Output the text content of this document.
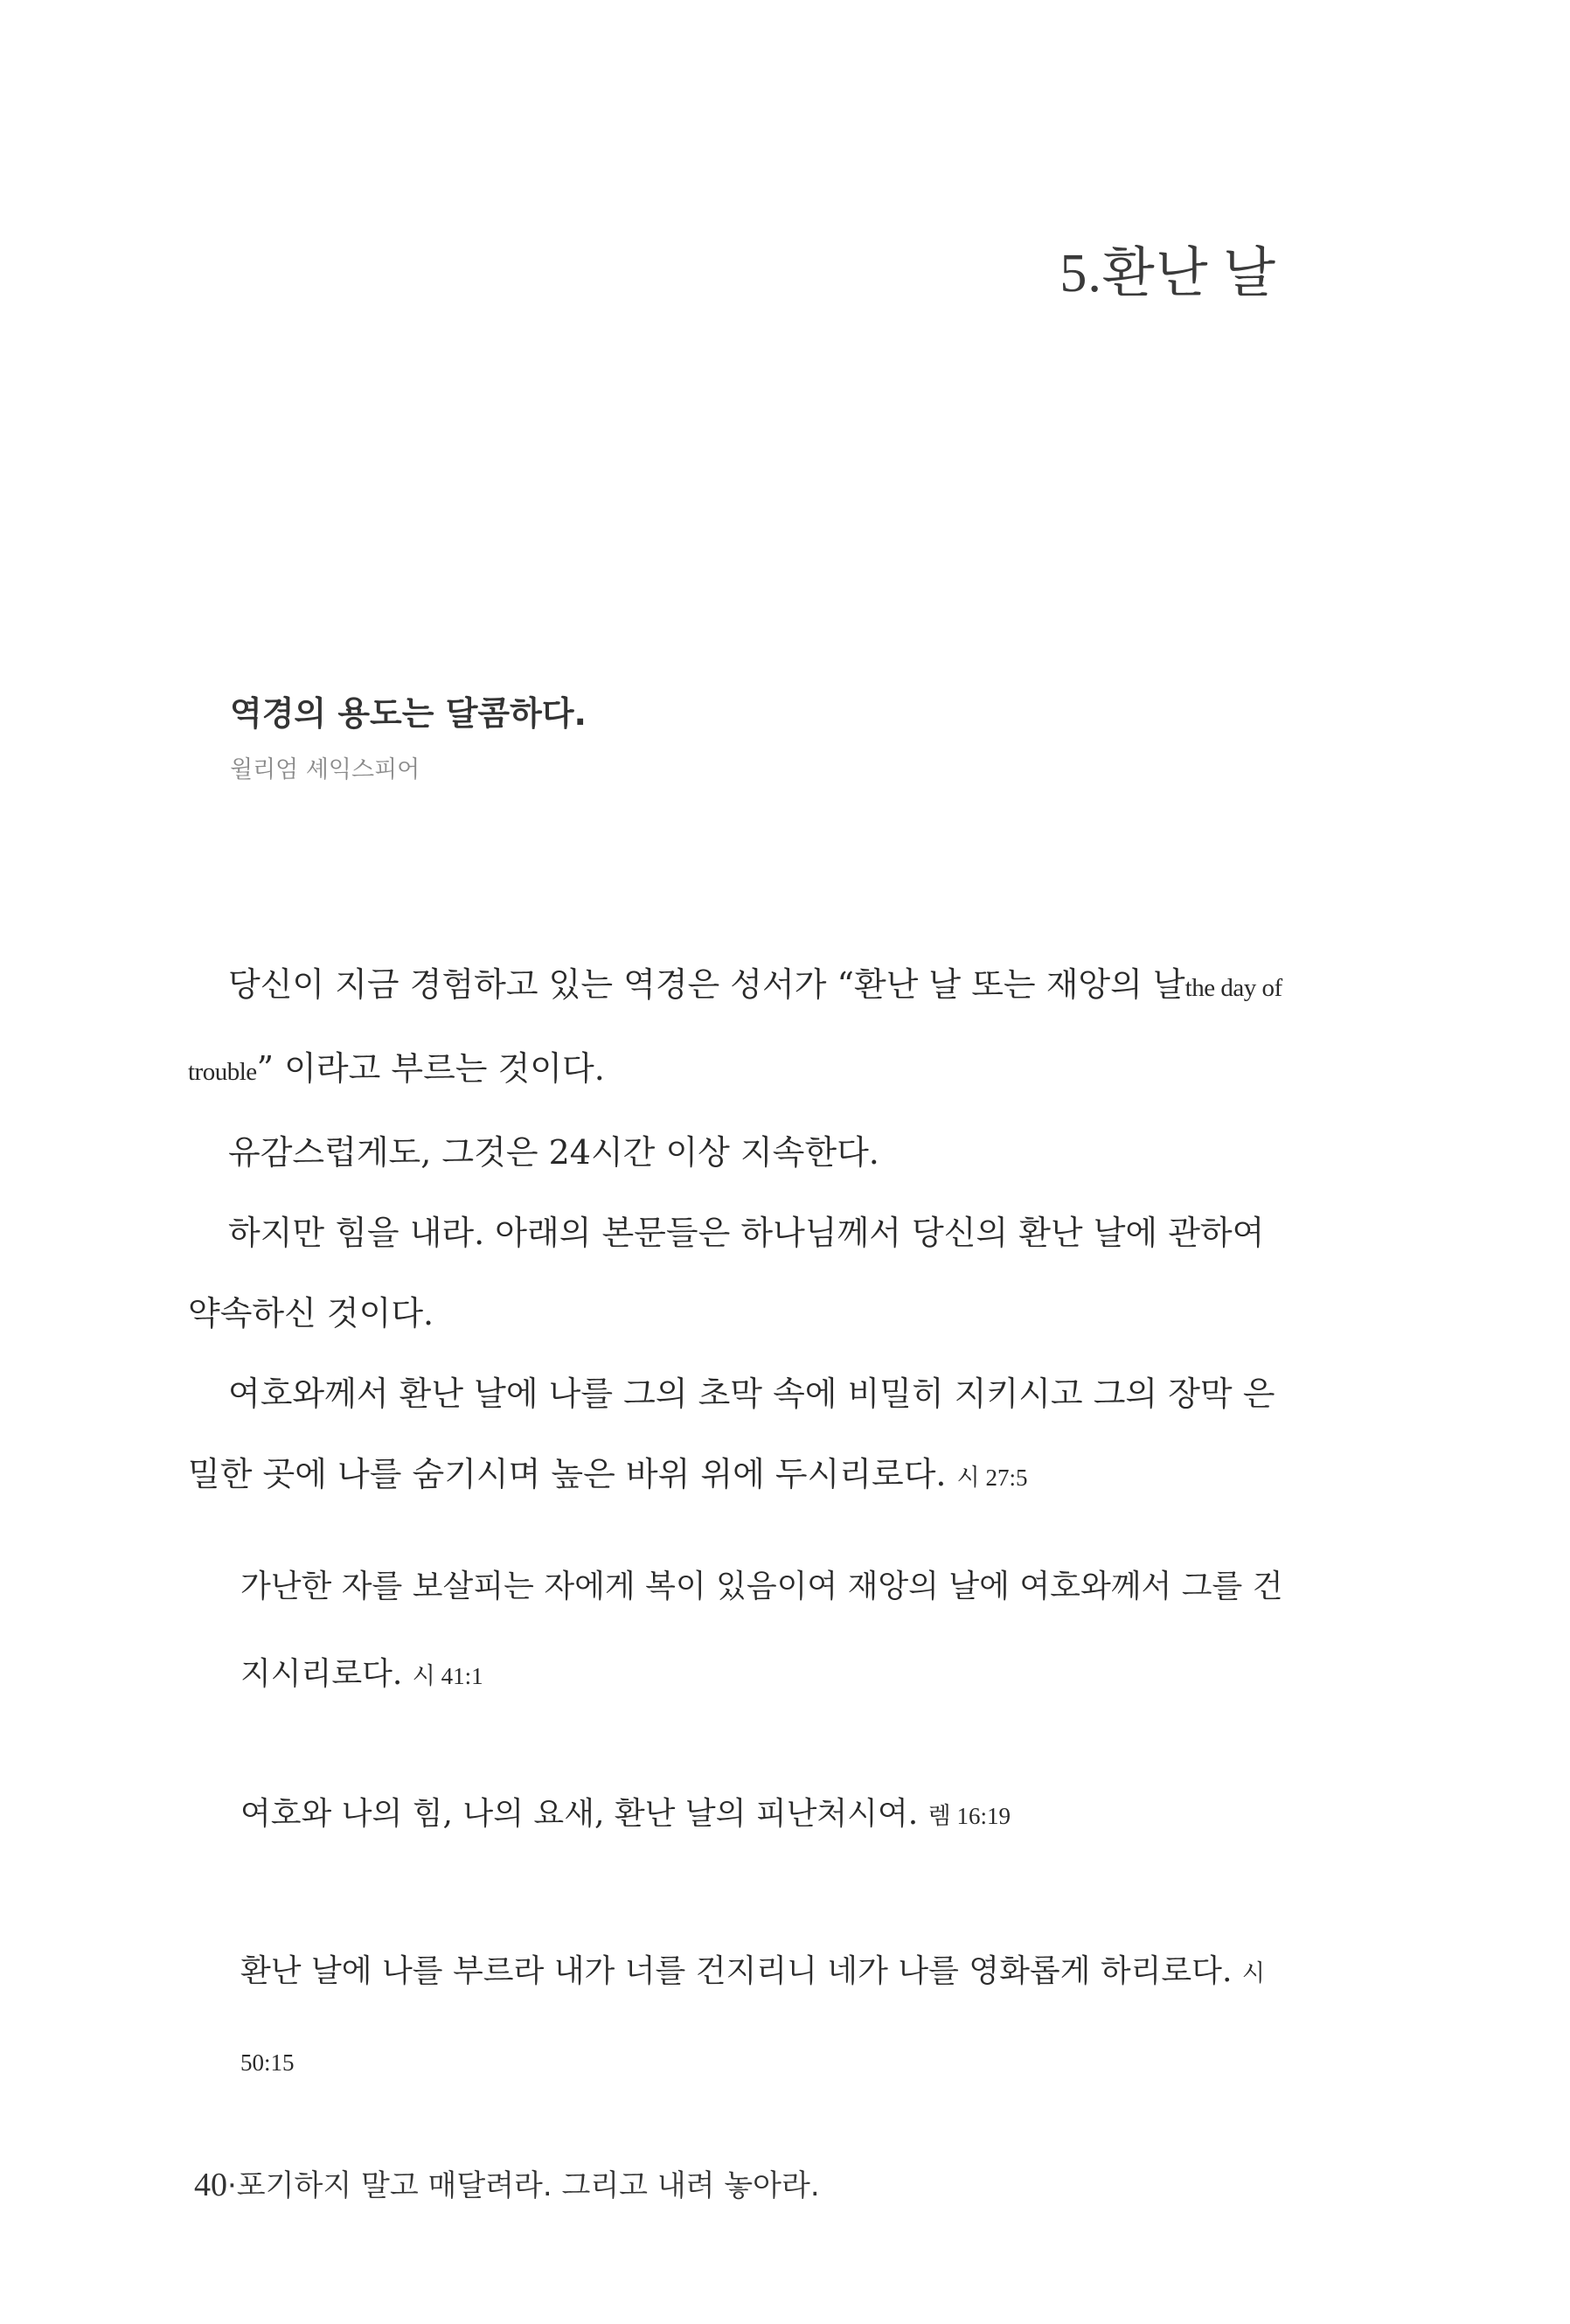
5.환난 날
역경의 용도는 달콤하다.
윌리엄 셰익스피어

당신이 지금 경험하고 있는 역경은 성서가 “환난 날 또는 재앙의 날the day of trouble” 이라고 부르는 것이다.

유감스럽게도, 그것은 24시간 이상 지속한다.

하지만 힘을 내라. 아래의 본문들은 하나님께서 당신의 환난 날에 관하여 약속하신 것이다.

여호와께서 환난 날에 나를 그의 초막 속에 비밀히 지키시고 그의 장막 은밀한 곳에 나를 숨기시며 높은 바위 위에 두시리로다. 시 27:5

가난한 자를 보살피는 자에게 복이 있음이여 재앙의 날에 여호와께서 그를 건지시리로다. 시 41:1
여호와 나의 힘, 나의 요새, 환난 날의 피난처시여. 렘 16:19
환난 날에 나를 부르라 내가 너를 건지리니 네가 나를 영화롭게 하리로다. 시 50:15
40·포기하지 말고 매달려라. 그리고 내려 놓아라.
